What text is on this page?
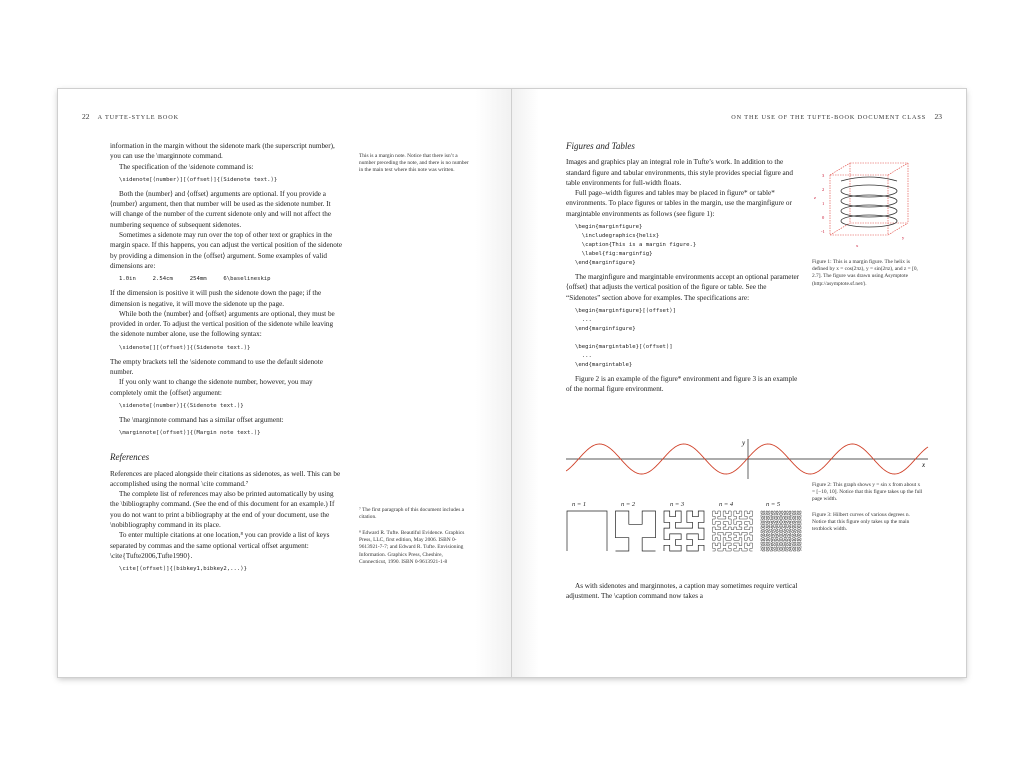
22 A TUFTE-STYLE BOOK

information in the margin without the sidenote mark (the superscript number), you can use the \marginnote command.

The specification of the \sidenote command is:

\sidenote[⟨number⟩][⟨offset⟩]{⟨Sidenote text.⟩}

Both the ⟨number⟩ and ⟨offset⟩ arguments are optional. If you provide a ⟨number⟩ argument, then that number will be used as the sidenote number. It will change of the number of the current sidenote only and will not affect the numbering sequence of subsequent sidenotes.

Sometimes a sidenote may run over the top of other text or graphics in the margin space. If this happens, you can adjust the vertical position of the sidenote by providing a dimension in the ⟨offset⟩ argument. Some examples of valid dimensions are:

1.0in     2.54cm     254mm     6\baselineskip

If the dimension is positive it will push the sidenote down the page; if the dimension is negative, it will move the sidenote up the page.

While both the ⟨number⟩ and ⟨offset⟩ arguments are optional, they must be provided in order. To adjust the vertical position of the sidenote while leaving the sidenote number alone, use the following syntax:

\sidenote[][⟨offset⟩]{⟨Sidenote text.⟩}

The empty brackets tell the \sidenote command to use the default sidenote number.

If you only want to change the sidenote number, however, you may completely omit the ⟨offset⟩ argument:

\sidenote[⟨number⟩]{⟨Sidenote text.⟩}

The \marginnote command has a similar offset argument:

\marginnote[⟨offset⟩]{⟨Margin note text.⟩}
References

References are placed alongside their citations as sidenotes, as well. This can be accomplished using the normal \cite command.⁷

The complete list of references may also be printed automatically by using the \bibliography command. (See the end of this document for an example.) If you do not want to print a bibliography at the end of your document, use the \nobibliography command in its place.

To enter multiple citations at one location,⁸ you can provide a list of keys separated by commas and the same optional vertical offset argument: \cite{Tufte2006,Tufte1990}.

\cite[⟨offset⟩]{⟨bibkey1,bibkey2,...⟩}

This is a margin note. Notice that there isn’t a number preceding the note, and there is no number in the main text where this note was written.

⁷ The first paragraph of this document includes a citation.

⁸ Edward R. Tufte. Beautiful Evidence. Graphics Press, LLC, first edition, May 2006. ISBN 0-9613921-7-7; and Edward R. Tufte. Envisioning Information. Graphics Press, Cheshire, Connecticut, 1990. ISBN 0-9613921-1-8

ON THE USE OF THE TUFTE-BOOK DOCUMENT CLASS 23
Figures and Tables

Images and graphics play an integral role in Tufte’s work. In addition to the standard figure and tabular environments, this style provides special figure and table environments for full-width floats.

Full page–width figures and tables may be placed in figure* or table* environments. To place figures or tables in the margin, use the marginfigure or margintable environments as follows (see figure 1):

\begin{marginfigure}
\includegraphics{helix}
\caption{This is a margin figure.}
\label{fig:marginfig}
\end{marginfigure}

The marginfigure and margintable environments accept an optional parameter ⟨offset⟩ that adjusts the vertical position of the figure or table. See the “Sidenotes” section above for examples. The specifications are:

\begin{marginfigure}[⟨offset⟩]
...
\end{marginfigure}

\begin{margintable}[⟨offset⟩]
...
\end{margintable}

Figure 2 is an example of the figure* environment and figure 3 is an example of the normal figure environment.

3
2
1
0
-1
x
y
z
Figure 1: This is a margin figure. The helix is defined by x = cos(2πz), y = sin(2πz), and z = [0, 2.7]. The figure was drawn using Asymptote (http://asymptote.sf.net/).
y
x
Figure 2: This graph shows y = sin x from about x = [−10, 10]. Notice that this figure takes up the full page width.
n = 1	n = 2	n = 3	n = 4	n = 5
Figure 3: Hilbert curves of various degrees n. Notice that this figure only takes up the main textblock width.

As with sidenotes and marginnotes, a caption may sometimes require vertical adjustment. The \caption command now takes a
